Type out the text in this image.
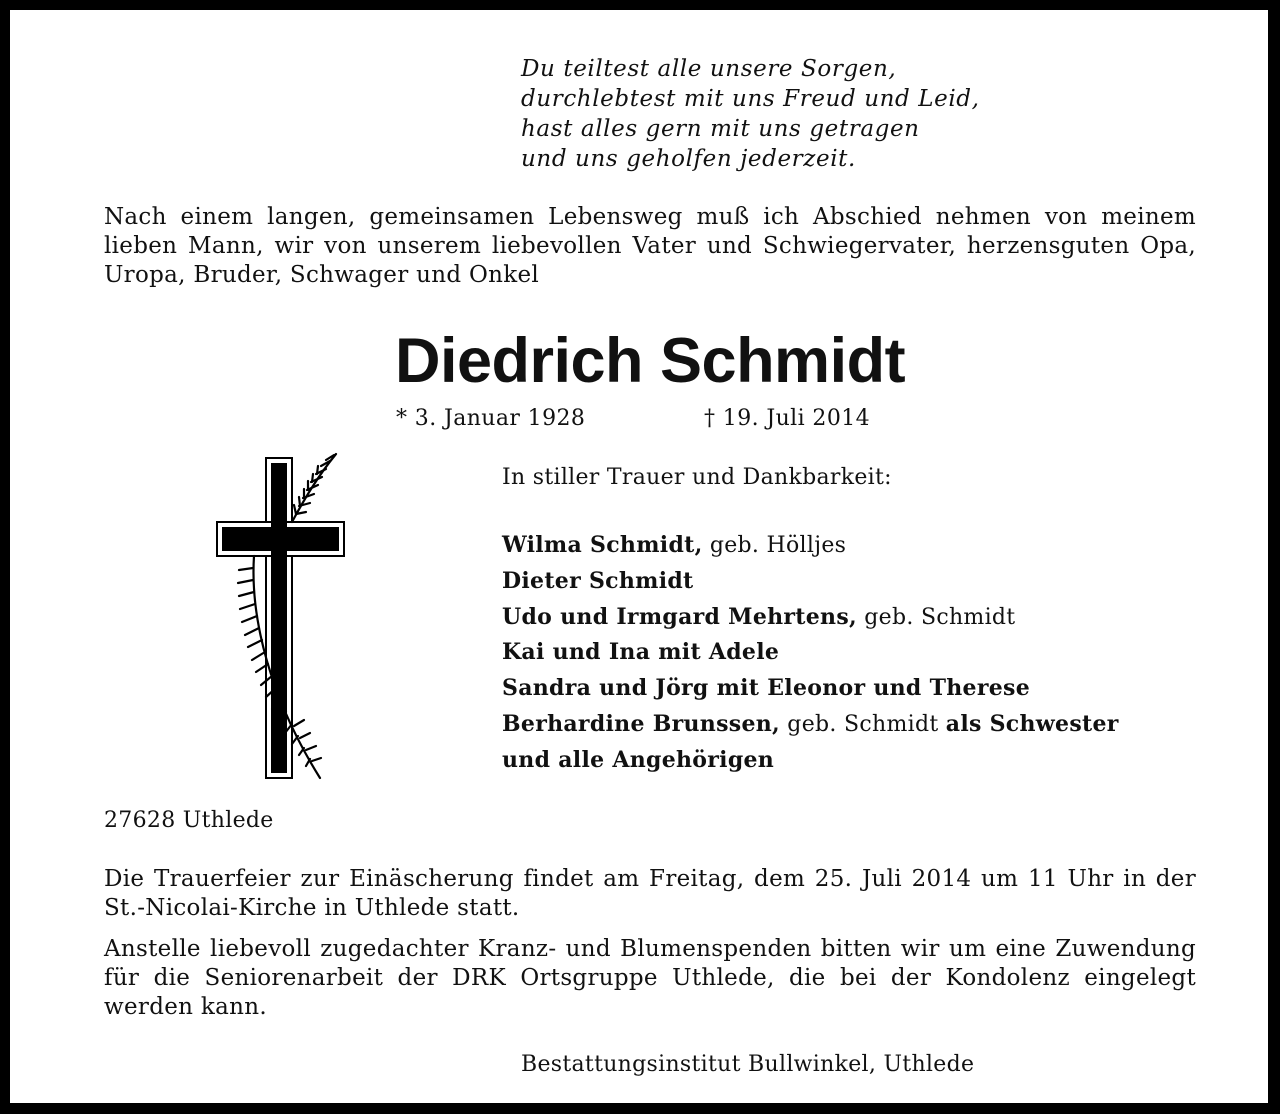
Du teiltest alle unsere Sorgen,
durchlebtest mit uns Freud und Leid,
hast alles gern mit uns getragen
und uns geholfen jederzeit.
Nach einem langen, gemeinsamen Lebensweg muß ich Abschied nehmen von meinem lieben Mann, wir von unserem liebevollen Vater und Schwiegervater, herzensguten Opa, Uropa, Bruder, Schwager und Onkel
Diedrich Schmidt
* 3. Januar 1928	† 19. Juli 2014
In stiller Trauer und Dankbarkeit:
Wilma Schmidt, geb. Hölljes
Dieter Schmidt
Udo und Irmgard Mehrtens, geb. Schmidt
Kai und Ina mit Adele
Sandra und Jörg mit Eleonor und Therese
Berhardine Brunssen, geb. Schmidt als Schwester
und alle Angehörigen
27628 Uthlede
Die Trauerfeier zur Einäscherung findet am Freitag, dem 25. Juli 2014 um 11 Uhr in der St.-Nicolai-Kirche in Uthlede statt.
Anstelle liebevoll zugedachter Kranz- und Blumenspenden bitten wir um eine Zuwendung für die Seniorenarbeit der DRK Ortsgruppe Uthlede, die bei der Kondolenz eingelegt werden kann.
Bestattungsinstitut Bullwinkel, Uthlede
